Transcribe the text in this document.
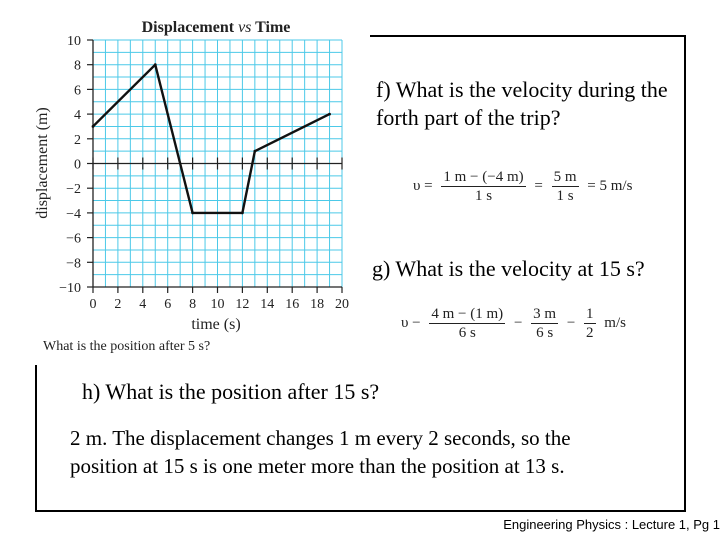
10
8
6
4
2
0
−2
−4
−6
−8
−10
0 2 4 6 8 10 12 14 16 18 20
Displacement vs Time
time (s)
displacement (m)
What is the position after 5 s?
f) What is the velocity during the forth part of the trip?
$\upsilon = \frac{1 m - (-4 m)}{1 s} = \frac{5 m}{1 s} = 5$ m/s
g) What is the velocity at 15 s?
$\upsilon - \frac{4 m - (1 m)}{6 s} - \frac{3 m}{6 s} - \frac{1}{2} m/s$
h) What is the position after 15 s?
2 m. The displacement changes 1 m every 2 seconds, so the position at 15 s is one meter more than the position at 13 s.
Engineering Physics : Lecture 1, Pg 1
